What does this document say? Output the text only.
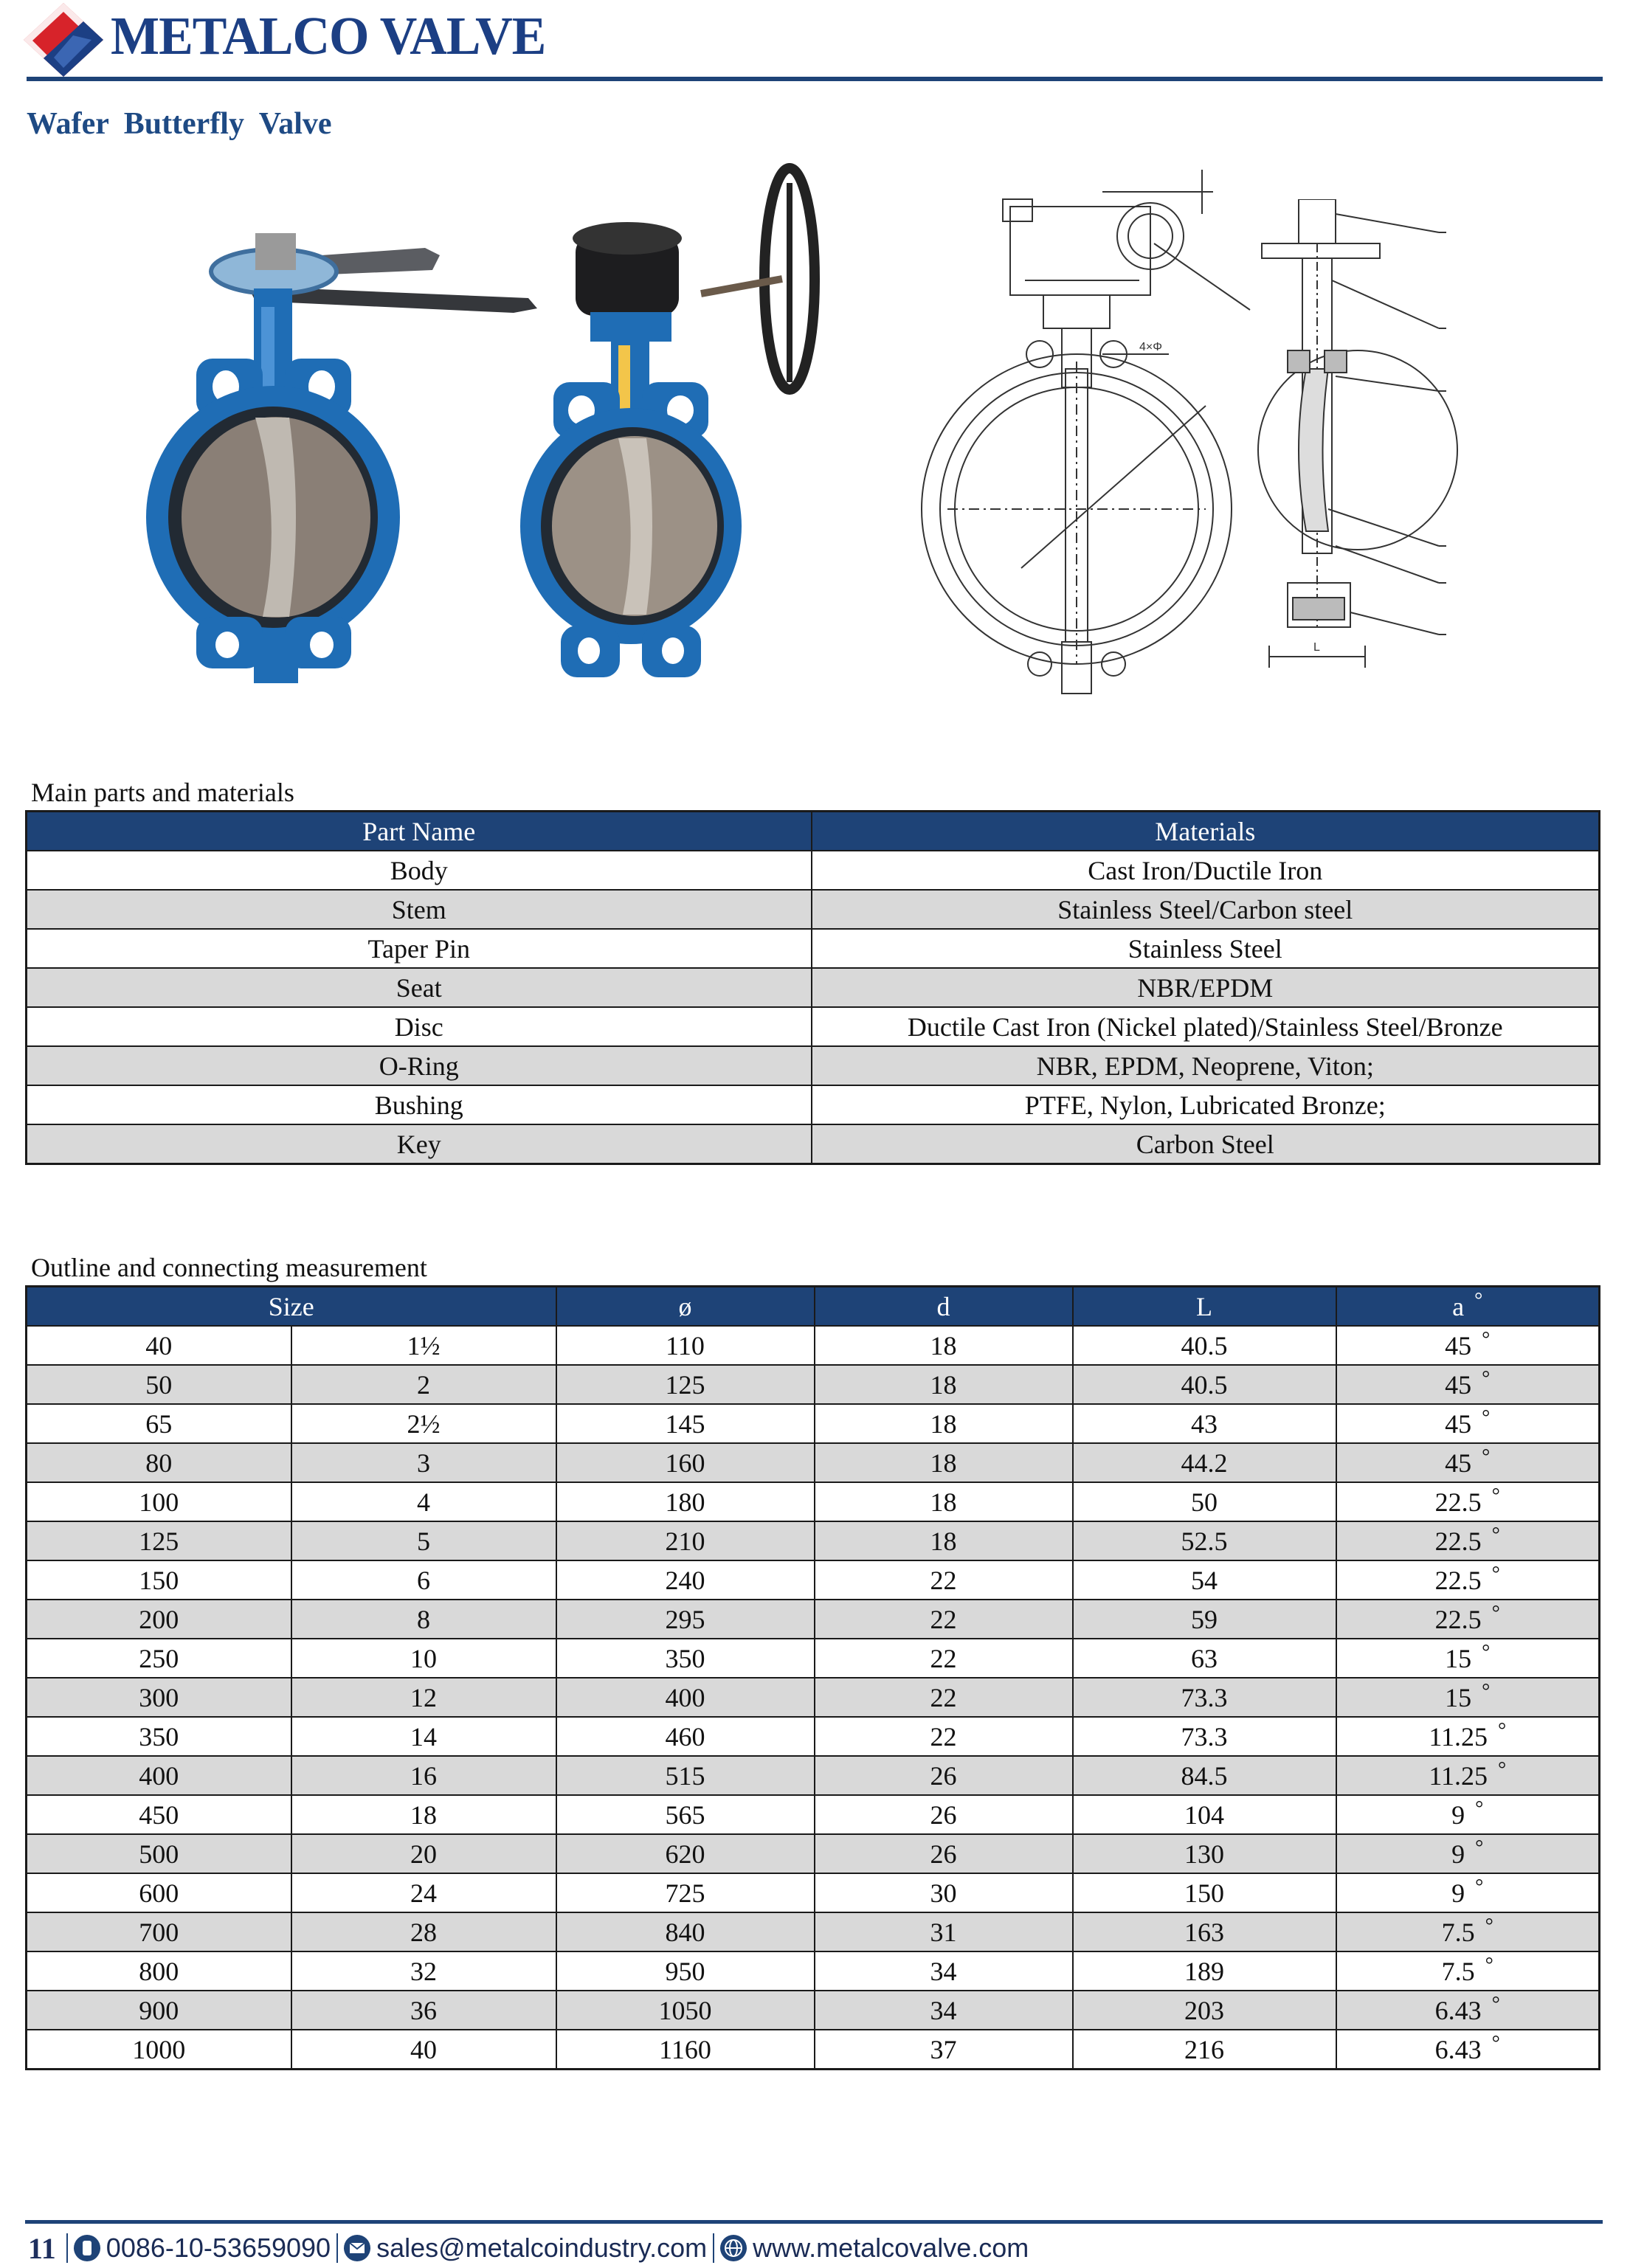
METALCO VALVE
Wafer Butterfly Valve
4×Φ
L
Main parts and materials
Part Name	Materials
Body	Cast Iron/Ductile Iron
Stem	Stainless Steel/Carbon steel
Taper Pin	Stainless Steel
Seat	NBR/EPDM
Disc	Ductile Cast Iron (Nickel plated)/Stainless Steel/Bronze
O-Ring	NBR, EPDM, Neoprene, Viton;
Bushing	PTFE, Nylon, Lubricated Bronze;
Key	Carbon Steel
Outline and connecting measurement
Size		ø	d	L	a °
40	1½	110	18	40.5	45 °
50	2	125	18	40.5	45 °
65	2½	145	18	43	45 °
80	3	160	18	44.2	45 °
100	4	180	18	50	22.5 °
125	5	210	18	52.5	22.5 °
150	6	240	22	54	22.5 °
200	8	295	22	59	22.5 °
250	10	350	22	63	15 °
300	12	400	22	73.3	15 °
350	14	460	22	73.3	11.25 °
400	16	515	26	84.5	11.25 °
450	18	565	26	104	9 °
500	20	620	26	130	9 °
600	24	725	30	150	9 °
700	28	840	31	163	7.5 °
800	32	950	34	189	7.5 °
900	36	1050	34	203	6.43 °
1000	40	1160	37	216	6.43 °
11 0086-10-53659090 sales@metalcoindustry.com www.metalcovalve.com
